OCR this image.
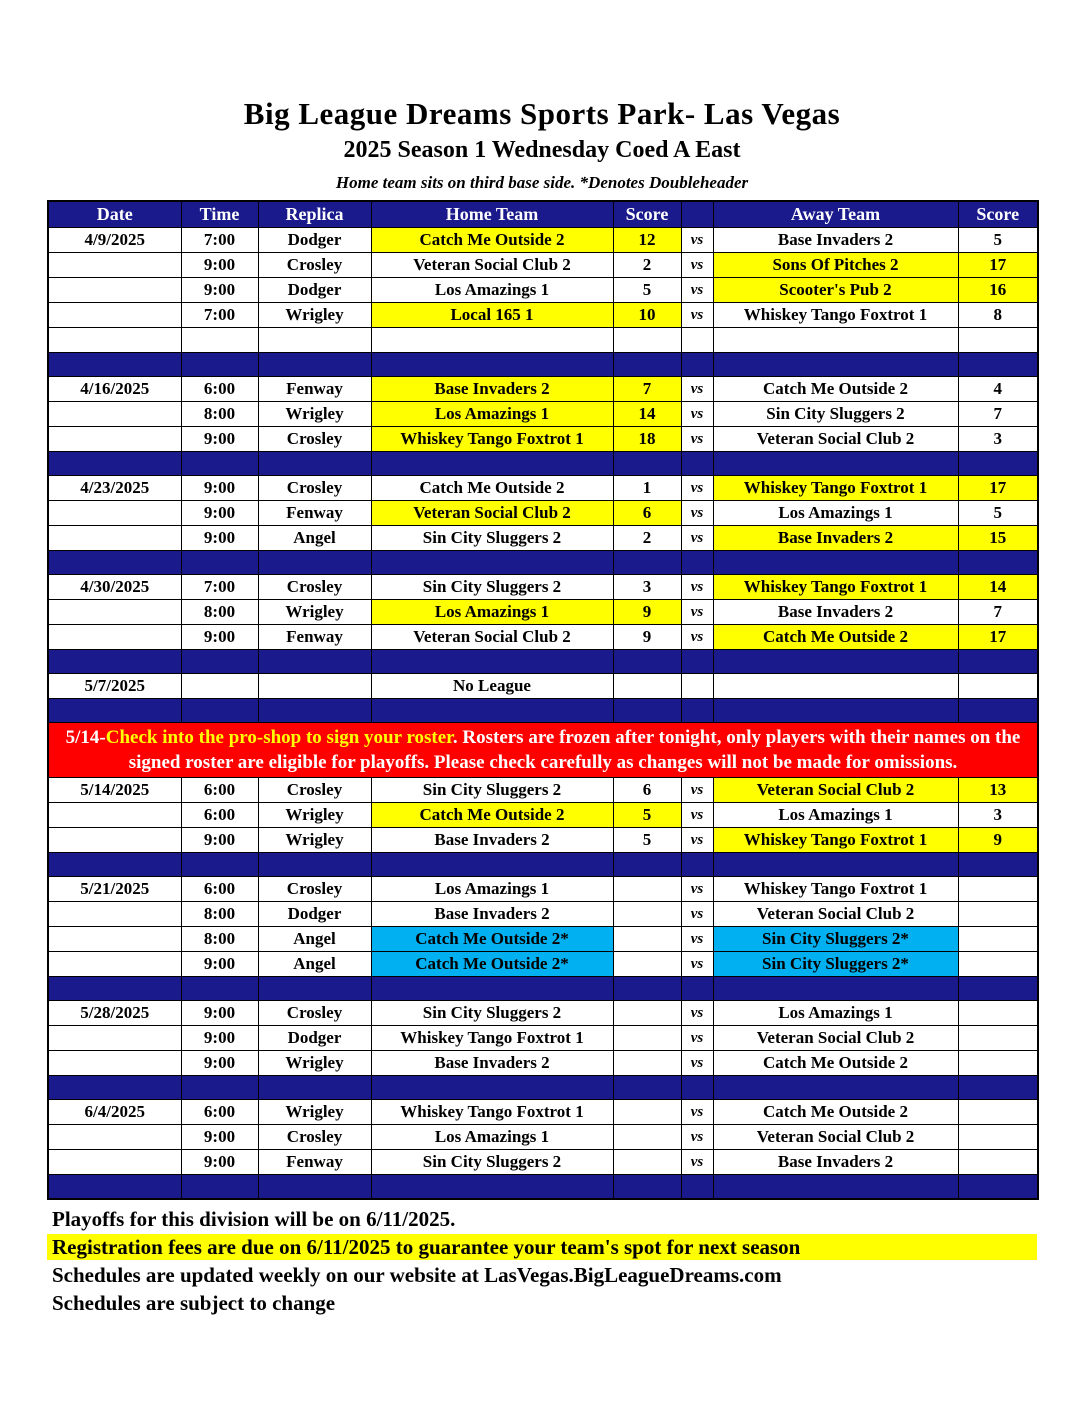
Big League Dreams Sports Park- Las Vegas
2025 Season 1 Wednesday Coed A East
Home team sits on third base side. *Denotes Doubleheader
Date	Time	Replica	Home Team	Score		Away Team	Score
4/9/2025	7:00	Dodger	Catch Me Outside 2	12	vs	Base Invaders 2	5
	9:00	Crosley	Veteran Social Club 2	2	vs	Sons Of Pitches 2	17
	9:00	Dodger	Los Amazings 1	5	vs	Scooter's Pub 2	16
	7:00	Wrigley	Local 165 1	10	vs	Whiskey Tango Foxtrot 1	8

4/16/2025	6:00	Fenway	Base Invaders 2	7	vs	Catch Me Outside 2	4
	8:00	Wrigley	Los Amazings 1	14	vs	Sin City Sluggers 2	7
	9:00	Crosley	Whiskey Tango Foxtrot 1	18	vs	Veteran Social Club 2	3

4/23/2025	9:00	Crosley	Catch Me Outside 2	1	vs	Whiskey Tango Foxtrot 1	17
	9:00	Fenway	Veteran Social Club 2	6	vs	Los Amazings 1	5
	9:00	Angel	Sin City Sluggers 2	2	vs	Base Invaders 2	15

4/30/2025	7:00	Crosley	Sin City Sluggers 2	3	vs	Whiskey Tango Foxtrot 1	14
	8:00	Wrigley	Los Amazings 1	9	vs	Base Invaders 2	7
	9:00	Fenway	Veteran Social Club 2	9	vs	Catch Me Outside 2	17

5/7/2025			No League				

5/14-Check into the pro-shop to sign your roster. Rosters are frozen after tonight, only players with their names on the signed roster are eligible for playoffs. Please check carefully as changes will not be made for omissions.							
5/14/2025	6:00	Crosley	Sin City Sluggers 2	6	vs	Veteran Social Club 2	13
	6:00	Wrigley	Catch Me Outside 2	5	vs	Los Amazings 1	3
	9:00	Wrigley	Base Invaders 2	5	vs	Whiskey Tango Foxtrot 1	9

5/21/2025	6:00	Crosley	Los Amazings 1		vs	Whiskey Tango Foxtrot 1	
	8:00	Dodger	Base Invaders 2		vs	Veteran Social Club 2	
	8:00	Angel	Catch Me Outside 2*		vs	Sin City Sluggers 2*	
	9:00	Angel	Catch Me Outside 2*		vs	Sin City Sluggers 2*	

5/28/2025	9:00	Crosley	Sin City Sluggers 2		vs	Los Amazings 1	
	9:00	Dodger	Whiskey Tango Foxtrot 1		vs	Veteran Social Club 2	
	9:00	Wrigley	Base Invaders 2		vs	Catch Me Outside 2	

6/4/2025	6:00	Wrigley	Whiskey Tango Foxtrot 1		vs	Catch Me Outside 2	
	9:00	Crosley	Los Amazings 1		vs	Veteran Social Club 2	
	9:00	Fenway	Sin City Sluggers 2		vs	Base Invaders 2	

Playoffs for this division will be on 6/11/2025.
Registration fees are due on 6/11/2025 to guarantee your team's spot for next season
Schedules are updated weekly on our website at LasVegas.BigLeagueDreams.com
Schedules are subject to change
